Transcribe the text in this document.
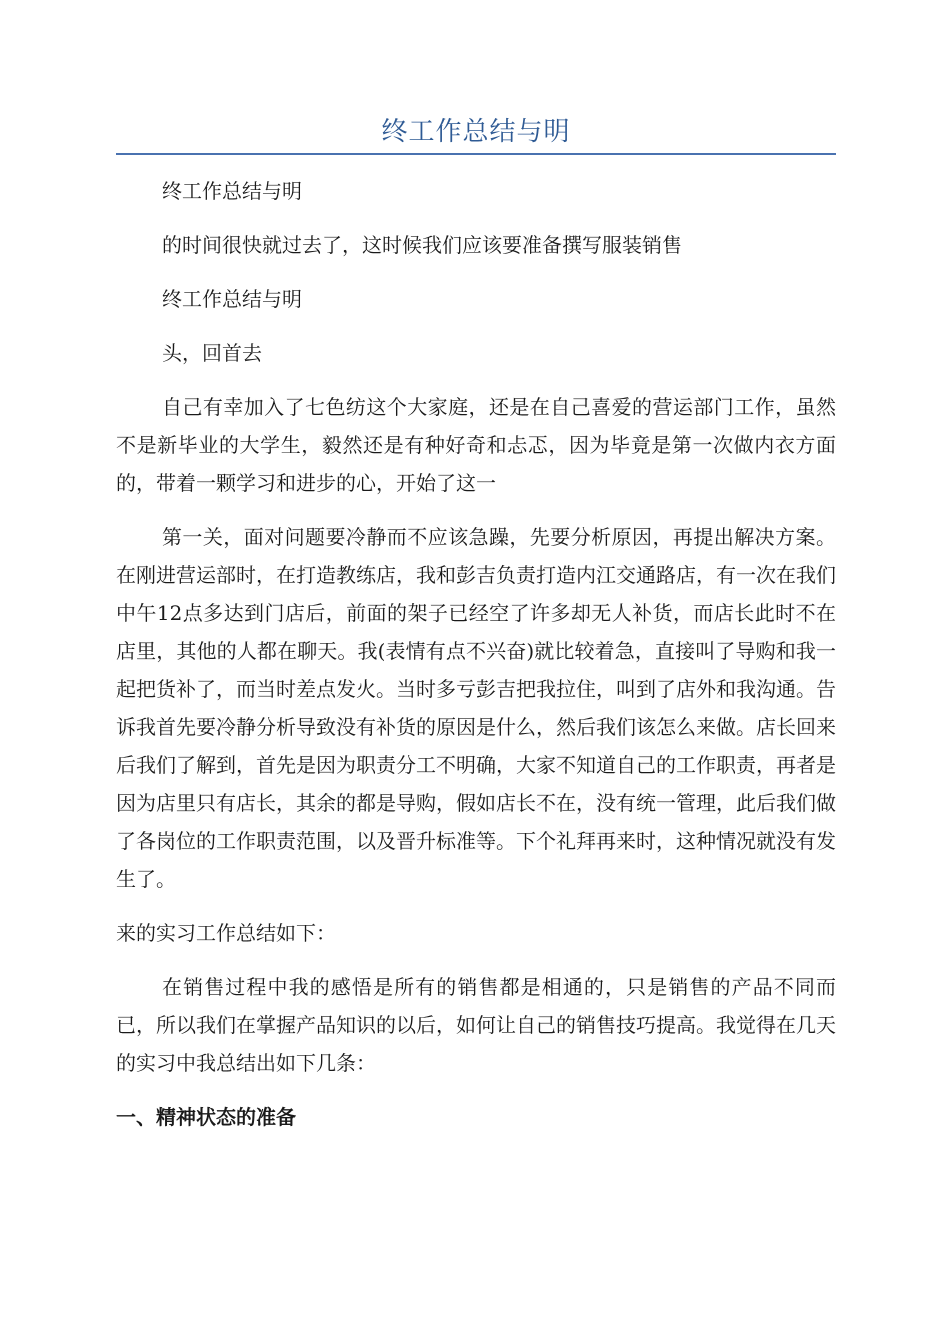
终工作总结与明

终工作总结与明

的时间很快就过去了，这时候我们应该要准备撰写服装销售

终工作总结与明

头，回首去

自己有幸加入了七色纺这个大家庭，还是在自己喜爱的营运部门工作，虽然不是新毕业的大学生，毅然还是有种好奇和忐忑，因为毕竟是第一次做内衣方面的，带着一颗学习和进步的心，开始了这一

第一关，面对问题要冷静而不应该急躁，先要分析原因，再提出解决方案。在刚进营运部时，在打造教练店，我和彭吉负责打造内江交通路店，有一次在我们中午12点多达到门店后，前面的架子已经空了许多却无人补货，而店长此时不在店里，其他的人都在聊天。我(表情有点不兴奋)就比较着急，直接叫了导购和我一起把货补了，而当时差点发火。当时多亏彭吉把我拉住，叫到了店外和我沟通。告诉我首先要冷静分析导致没有补货的原因是什么，然后我们该怎么来做。店长回来后我们了解到，首先是因为职责分工不明确，大家不知道自己的工作职责，再者是因为店里只有店长，其余的都是导购，假如店长不在，没有统一管理，此后我们做了各岗位的工作职责范围，以及晋升标准等。下个礼拜再来时，这种情况就没有发生了。

来的实习工作总结如下：

在销售过程中我的感悟是所有的销售都是相通的，只是销售的产品不同而已，所以我们在掌握产品知识的以后，如何让自己的销售技巧提高。我觉得在几天的实习中我总结出如下几条：

一、精神状态的准备
